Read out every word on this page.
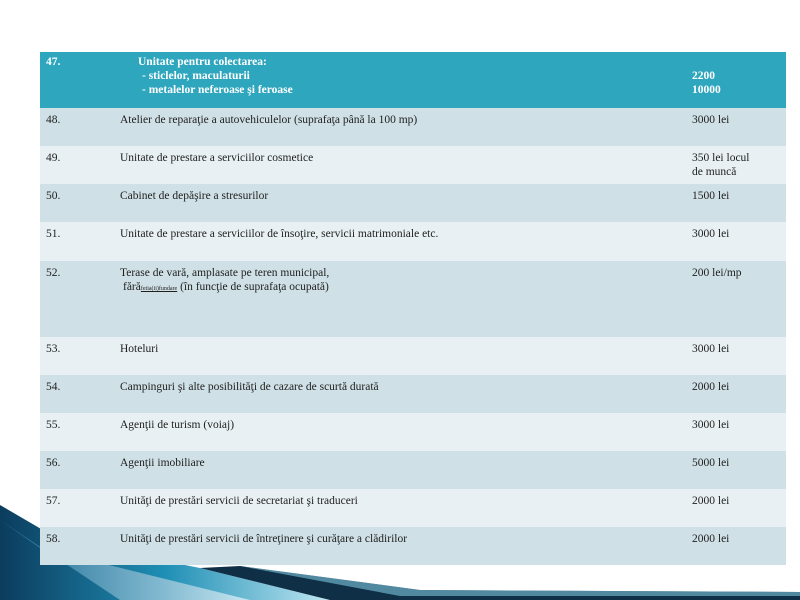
47.	Unitate pentru colectarea:
- sticlelor, maculaturii
- metalelor neferoase şi feroase	2200
10000

48.	Atelier de reparaţie a autovehiculelor (suprafaţa până la 100 mp)	3000 lei
49.	Unitate de prestare a serviciilor cosmetice	350 lei locul
de muncă

50.	Cabinet de depăşire a stresurilor	1500 lei
51.	Unitate de prestare a serviciilor de însoţire, servicii matrimoniale etc.	3000 lei
52.	Terase de vară, amplasate pe teren municipal,
fărăfetia(ii)fundare (în funcţie de suprafaţa ocupată)	200 lei/mp
53.	Hoteluri	3000 lei
54.	Campinguri şi alte posibilităţi de cazare de scurtă durată	2000 lei
55.	Agenţii de turism (voiaj)	3000 lei
56.	Agenţii imobiliare	5000 lei
57.	Unităţi de prestări servicii de secretariat şi traduceri	2000 lei
58.	Unităţi de prestări servicii de întreţinere şi curăţare a clădirilor	2000 lei
